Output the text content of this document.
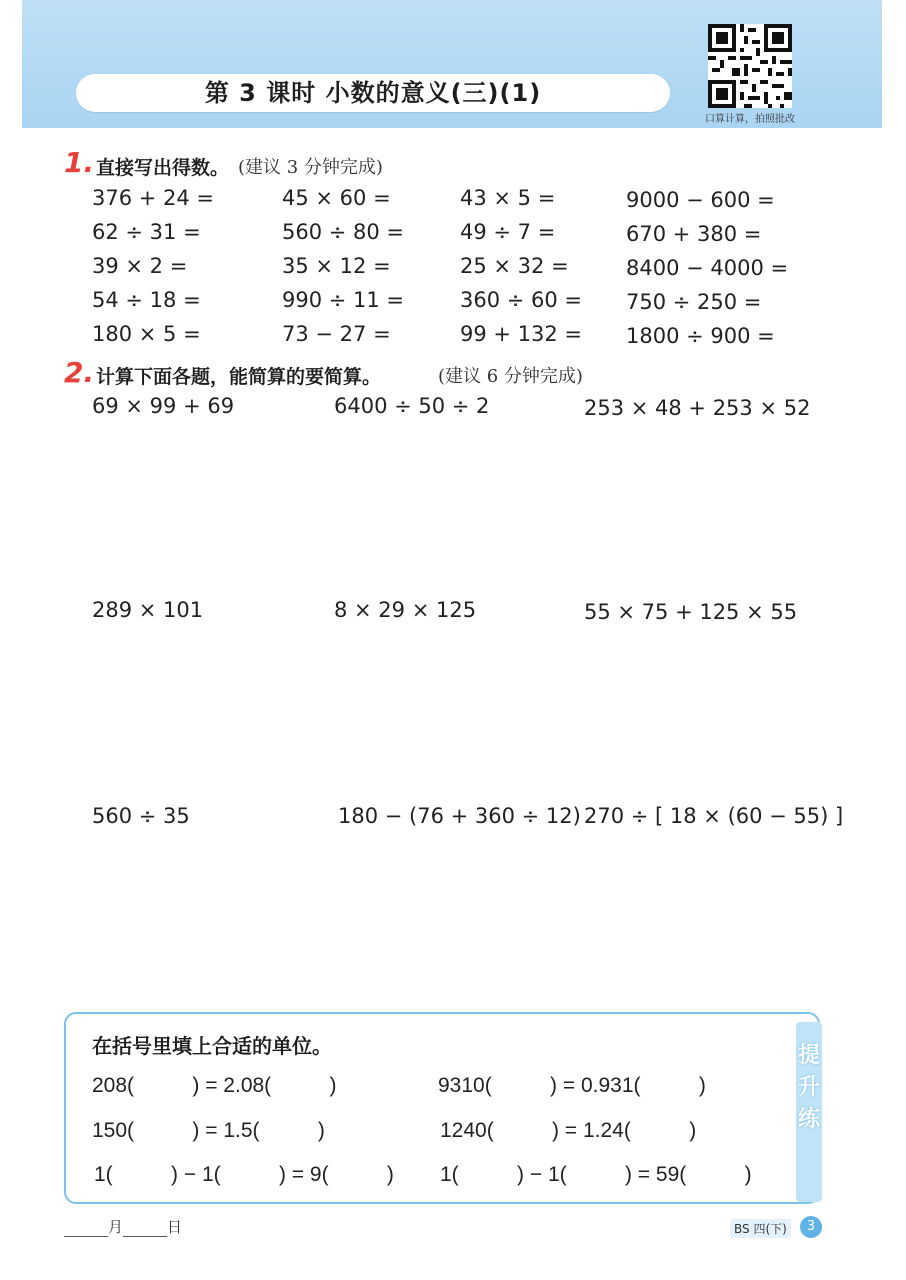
第 3 课时 小数的意义(三)(1)
口算计算，拍照批改
1. 直接写出得数。 (建议 3 分钟完成)
376 + 24 =	45 × 60 =	43 × 5 =	9000 − 600 =
62 ÷ 31 =	560 ÷ 80 =	49 ÷ 7 =	670 + 380 =
39 × 2 =	35 × 12 =	25 × 32 =	8400 − 4000 =
54 ÷ 18 =	990 ÷ 11 =	360 ÷ 60 = 750 ÷ 250 =
180 × 5 =	73 − 27 =	99 + 132 = 1800 ÷ 900 =
2. 计算下面各题，能简算的要简算。	(建议 6 分钟完成)
69 × 99 + 69	6400 ÷ 50 ÷ 2	253 × 48 + 253 × 52
289 × 101	8 × 29 × 125	55 × 75 + 125 × 55
560 ÷ 35	180 − (76 + 360 ÷ 12) 270 ÷ [ 18 × (60 − 55) ]
提
升
练
在括号里填上合适的单位。
208(          ) = 2.08(          )	9310(          ) = 0.931(          )
150(          ) = 1.5(          )	1240(          ) = 1.24(          )
1(          ) − 1(          ) = 9(          ) 1(          ) − 1(          ) = 59(          )
月	日	BS 四(下)	3
